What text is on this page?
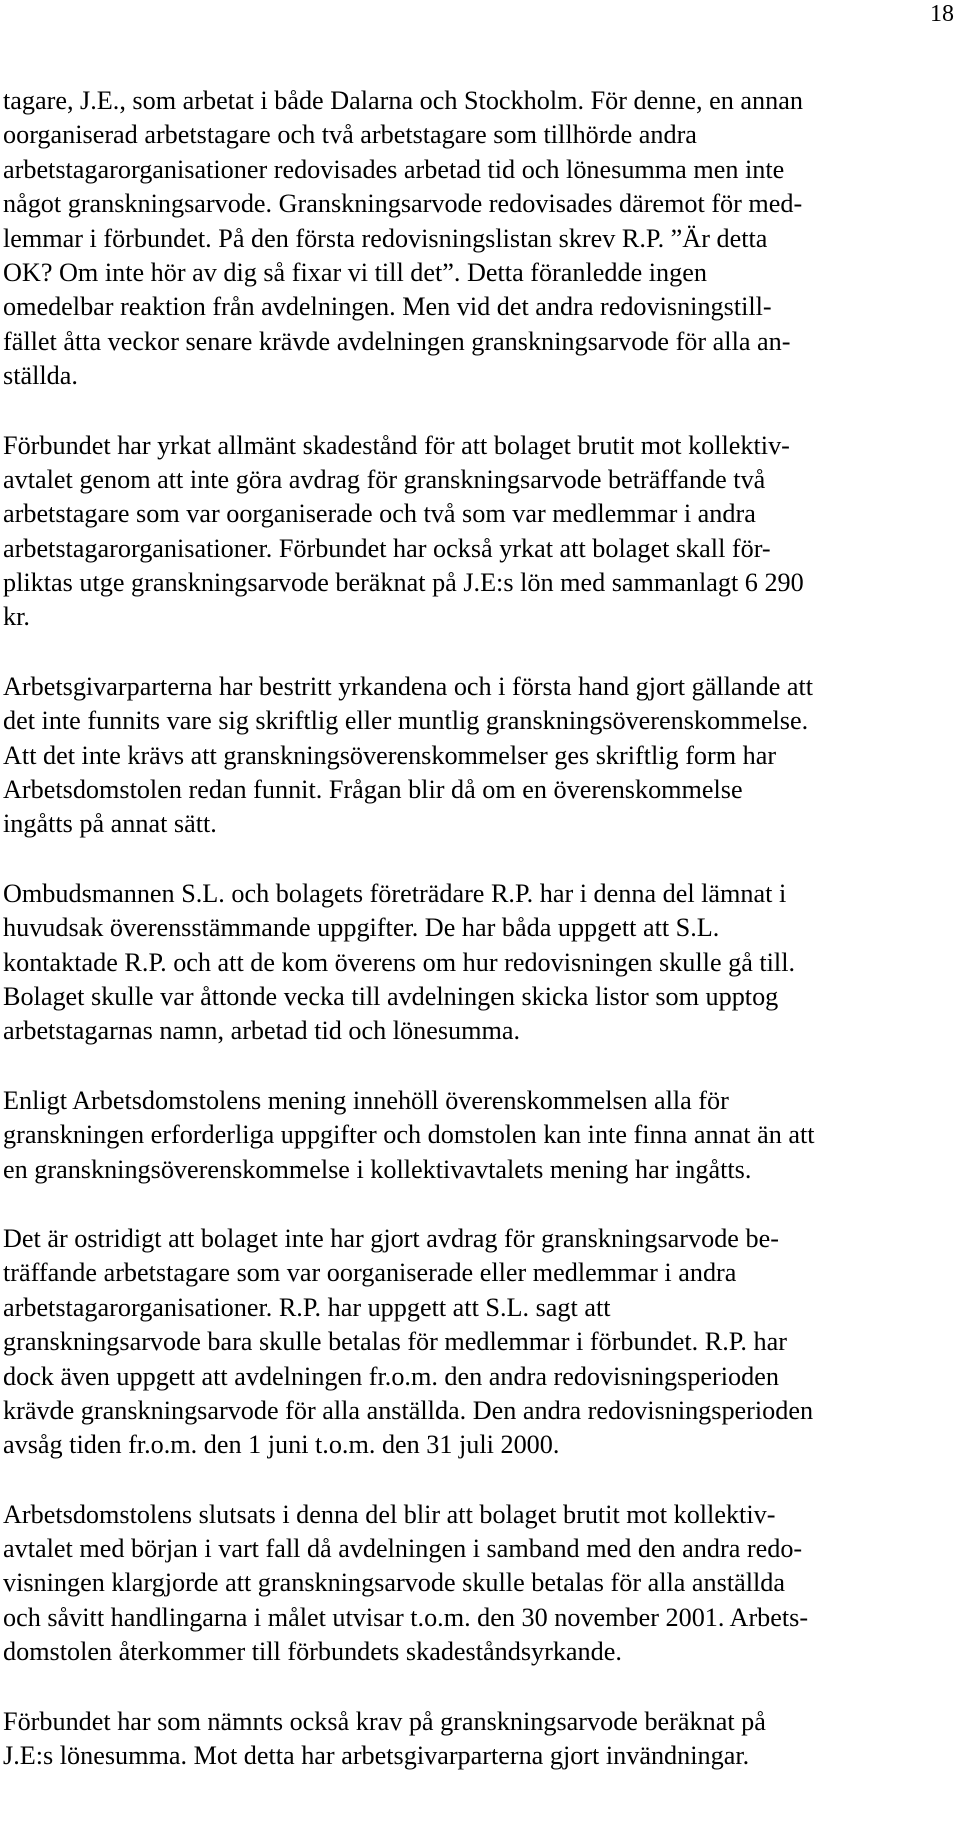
18
tagare, J.E., som arbetat i både Dalarna och Stockholm. För denne, en annan
oorganiserad arbetstagare och två arbetstagare som tillhörde andra
arbetstagarorganisationer redovisades arbetad tid och lönesumma men inte
något granskningsarvode. Granskningsarvode redovisades däremot för med-
lemmar i förbundet. På den första redovisningslistan skrev R.P. ”Är detta
OK? Om inte hör av dig så fixar vi till det”. Detta föranledde ingen
omedelbar reaktion från avdelningen. Men vid det andra redovisningstill-
fället åtta veckor senare krävde avdelningen granskningsarvode för alla an-
ställda.
Förbundet har yrkat allmänt skadestånd för att bolaget brutit mot kollektiv-
avtalet genom att inte göra avdrag för granskningsarvode beträffande två
arbetstagare som var oorganiserade och två som var medlemmar i andra
arbetstagarorganisationer. Förbundet har också yrkat att bolaget skall för-
pliktas utge granskningsarvode beräknat på J.E:s lön med sammanlagt 6 290
kr.
Arbetsgivarparterna har bestritt yrkandena och i första hand gjort gällande att
det inte funnits vare sig skriftlig eller muntlig granskningsöverenskommelse.
Att det inte krävs att granskningsöverenskommelser ges skriftlig form har
Arbetsdomstolen redan funnit. Frågan blir då om en överenskommelse
ingåtts på annat sätt.
Ombudsmannen S.L. och bolagets företrädare R.P. har i denna del lämnat i
huvudsak överensstämmande uppgifter. De har båda uppgett att S.L.
kontaktade R.P. och att de kom överens om hur redovisningen skulle gå till.
Bolaget skulle var åttonde vecka till avdelningen skicka listor som upptog
arbetstagarnas namn, arbetad tid och lönesumma.
Enligt Arbetsdomstolens mening innehöll överenskommelsen alla för
granskningen erforderliga uppgifter och domstolen kan inte finna annat än att
en granskningsöverenskommelse i kollektivavtalets mening har ingåtts.
Det är ostridigt att bolaget inte har gjort avdrag för granskningsarvode be-
träffande arbetstagare som var oorganiserade eller medlemmar i andra
arbetstagarorganisationer. R.P. har uppgett att S.L. sagt att
granskningsarvode bara skulle betalas för medlemmar i förbundet. R.P. har
dock även uppgett att avdelningen fr.o.m. den andra redovisningsperioden
krävde granskningsarvode för alla anställda. Den andra redovisningsperioden
avsåg tiden fr.o.m. den 1 juni t.o.m. den 31 juli 2000.
Arbetsdomstolens slutsats i denna del blir att bolaget brutit mot kollektiv-
avtalet med början i vart fall då avdelningen i samband med den andra redo-
visningen klargjorde att granskningsarvode skulle betalas för alla anställda
och såvitt handlingarna i målet utvisar t.o.m. den 30 november 2001. Arbets-
domstolen återkommer till förbundets skadeståndsyrkande.
Förbundet har som nämnts också krav på granskningsarvode beräknat på
J.E:s lönesumma. Mot detta har arbetsgivarparterna gjort invändningar.
